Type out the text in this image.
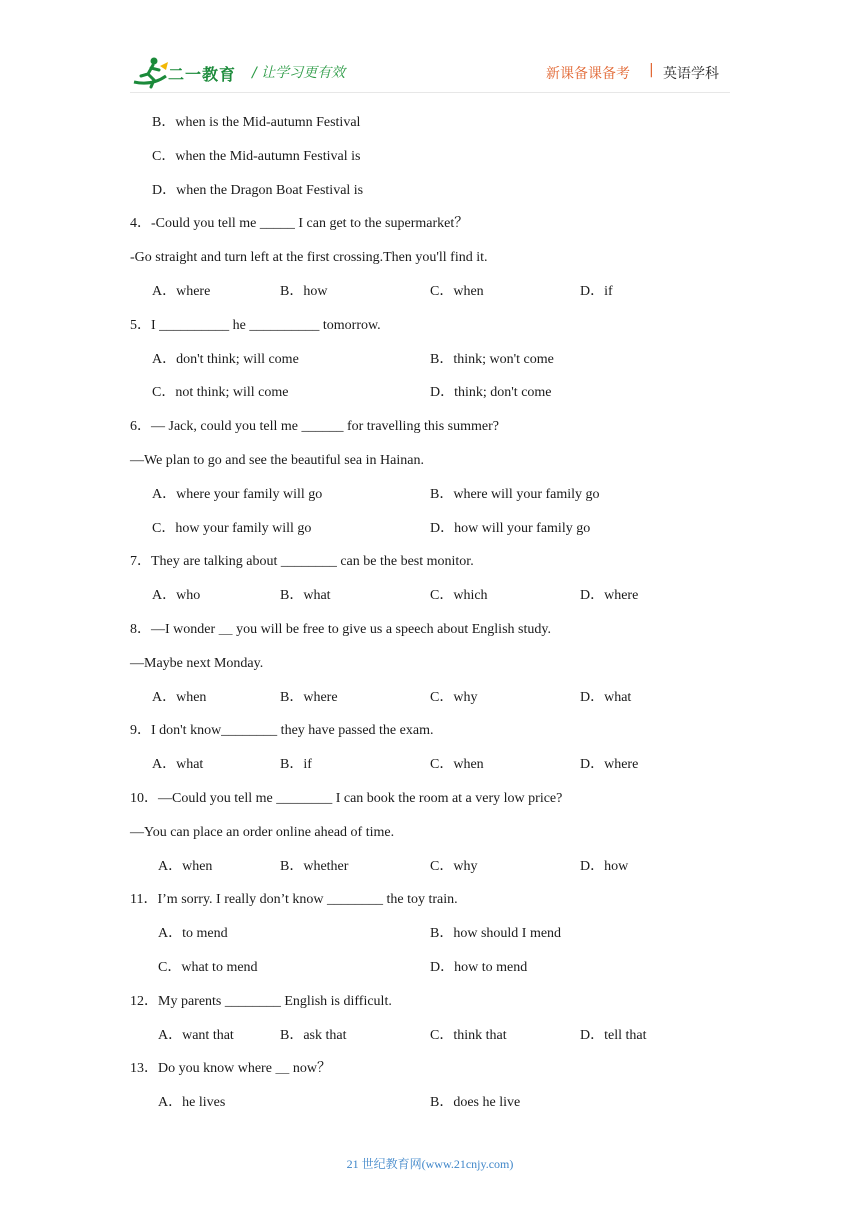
二一教育 / 让学习更有效	新课备课备考 | 英语学科
B．when is the Mid-autumn Festival
C．when the Mid-autumn Festival is
D．when the Dragon Boat Festival is
4．-Could you tell me _____ I can get to the supermarket？
-Go straight and turn left at the first crossing.Then you'll find it.
A．where	B．how	C．when	D．if
5．I __________ he __________ tomorrow.
A．don't think; will come	B．think; won't come
C．not think; will come	D．think; don't come
6．— Jack, could you tell me ______ for travelling this summer?
—We plan to go and see the beautiful sea in Hainan.
A．where your family will go	B．where will your family go
C．how your family will go	D．how will your family go
7．They are talking about ________ can be the best monitor.
A．who	B．what	C．which	D．where
8．—I wonder ＿ you will be free to give us a speech about English study.
—Maybe next Monday.
A．when	B．where	C．why	D．what
9．I don't know________ they have passed the exam.
A．what	B．if	C．when	D．where
10．—Could you tell me ________ I can book the room at a very low price?
—You can place an order online ahead of time.
A．when	B．whether	C．why	D．how
11．I’m sorry. I really don’t know ________ the toy train.
A．to mend	B．how should I mend
C．what to mend	D．how to mend
12．My parents ________ English is difficult.
A．want that	B．ask that	C．think that	D．tell that
13．Do you know where ＿ now？
A．he lives	B．does he live
21 世纪教育网(www.21cnjy.com)
